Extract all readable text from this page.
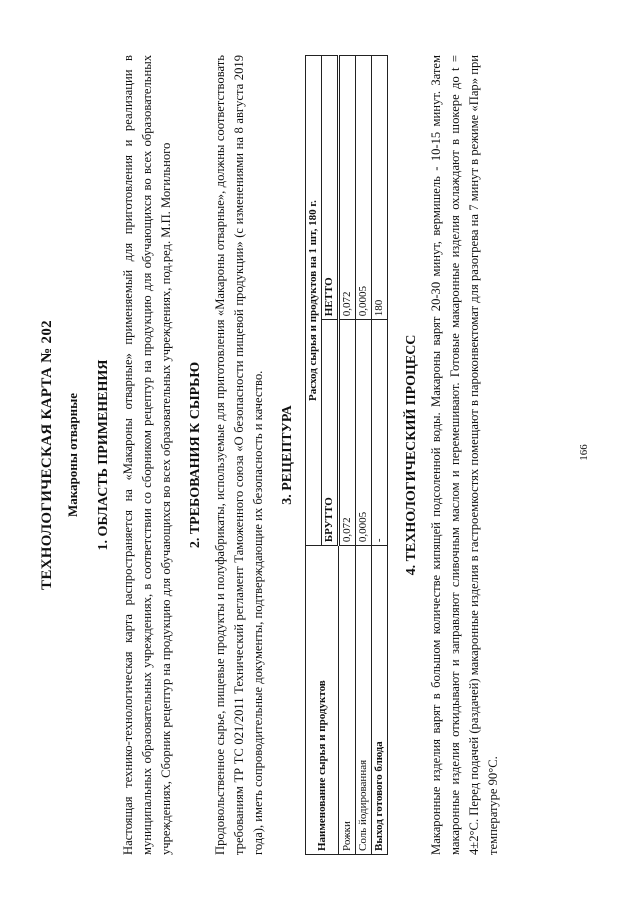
ТЕХНОЛОГИЧЕСКАЯ КАРТА № 202 Макароны отварные 1. ОБЛАСТЬ ПРИМЕНЕНИЯ Настоящая технико-технологическая карта распространяется на «Макароны отварные» применяемый для приготовления и реализации в муниципальных образовательных учреждениях, в соответствии со сборником рецептур на продукцию для обучающихся во всех образовательных учреждениях, Сборник рецептур на продукцию для обучающихся во всех образовательных учреждениях, под.ред. М.П. Могильного 2. ТРЕБОВАНИЯ К СЫРЬЮ Продовольственное сырье, пищевые продукты и полуфабрикаты, используемые для приготовления «Макароны отварные», должны соответствовать требованиям ТР ТС 021/2011 Технический регламент Таможенного союза «О безопасности пищевой продукции» (с изменениями на 8 августа 2019 года), иметь сопроводительные документы, подтверждающие их безопасность и качество. 3. РЕЦЕПТУРА
Наименование сырья и продуктов	Расход сырья и продуктов на 1 шт, 180 г.	
	БРУТТО	НЕТТО
Рожки	0,072	0,072
Соль йодированная	0,0005	0,0005
Выход готового блюда	-	180
4. ТЕХНОЛОГИЧЕСКИЙ ПРОЦЕСС Макаронные изделия варят в большом количестве кипящей подсоленной воды. Макароны варят 20-30 минут, вермишель - 10-15 минут. Затем макаронные изделия откидывают и заправляют сливочным маслом и перемешивают. Готовые макаронные изделия охлаждают в шокере до t = 4±2°С. Перед подачей (раздачей) макаронные изделия в гастроемкостях помещают в пароконвектомат для разогрева на 7 минут в режиме «Пар» при температуре 90°С.

166
